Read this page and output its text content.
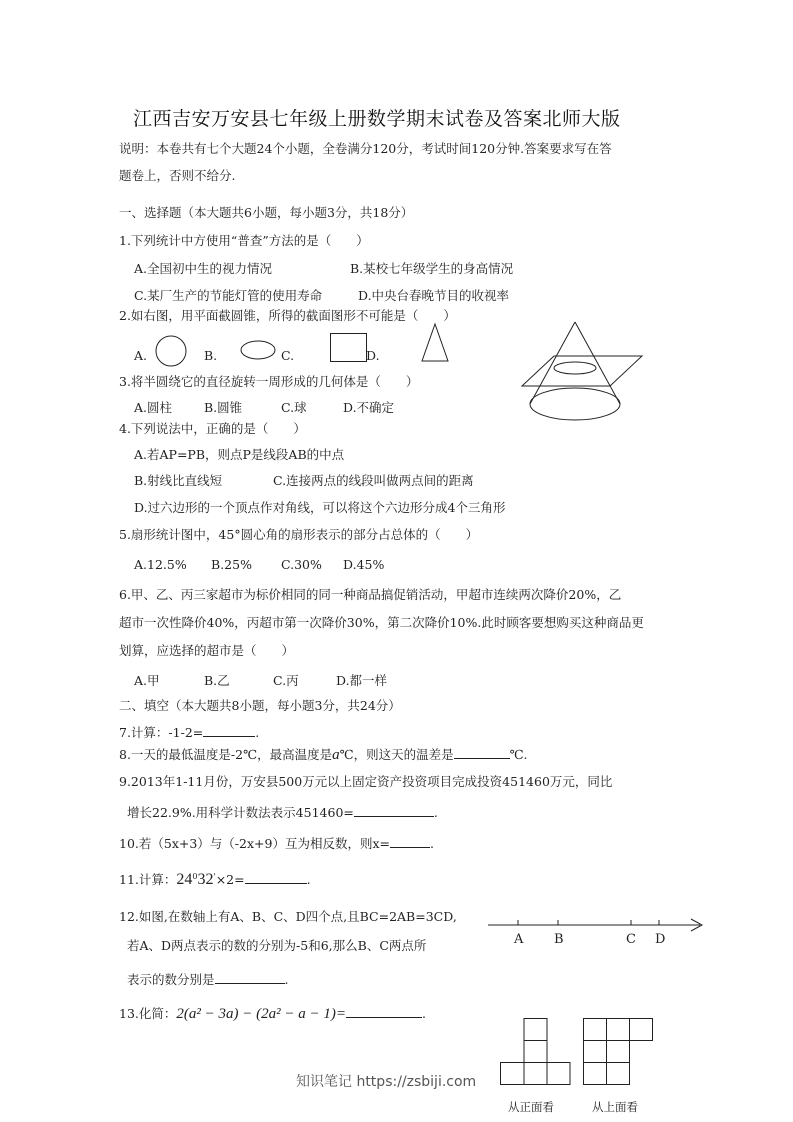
江西吉安万安县七年级上册数学期末试卷及答案北师大版
说明：本卷共有七个大题24个小题，全卷满分120分，考试时间120分钟.答案要求写在答
题卷上，否则不给分.
一、选择题（本大题共6小题，每小题3分，共18分）
1.下列统计中方使用“普查”方法的是（　　）
A.全国初中生的视力情况	B.某校七年级学生的身高情况
C.某厂生产的节能灯管的使用寿命	D.中央台春晚节目的收视率
2.如右图，用平面截圆锥，所得的截面图形不可能是（　　）
A.	B.	C.	D.
3.将半圆绕它的直径旋转一周形成的几何体是（　　）
A.圆柱	B.圆锥	C.球	D.不确定
4.下列说法中，正确的是（　　）
A.若AP=PB，则点P是线段AB的中点
B.射线比直线短	C.连接两点的线段叫做两点间的距离
D.过六边形的一个顶点作对角线，可以将这个六边形分成4个三角形
5.扇形统计图中，45°圆心角的扇形表示的部分占总体的（　　）
A.12.5% B.25% C.30% D.45%
6.甲、乙、丙三家超市为标价相同的同一种商品搞促销活动，甲超市连续两次降价20%，乙
超市一次性降价40%，丙超市第一次降价30%，第二次降价10%.此时顾客要想购买这种商品更
划算，应选择的超市是（　　）
A.甲	B.乙	C.丙	D.都一样
二、填空（本大题共8小题，每小题3分，共24分）
7.计算：-1-2=	.
8.一天的最低温度是-2℃，最高温度是a℃，则这天的温差是	℃.
9.2013年1-11月份，万安县500万元以上固定资产投资项目完成投资451460万元，同比
增长22.9%.用科学计数法表示451460=	.
10.若（5x+3）与（-2x+9）互为相反数，则x=	.
11.计算：$24^032'\times 2=$	.
12.如图,在数轴上有A、B、C、D四个点,且BC=2AB=3CD,
若A、D两点表示的数的分别为-5和6,那么B、C两点所
表示的数分别是	.
A B	C D
13.化简：2(a² − 3a) − (2a² − a − 1)=	.
知识笔记 https://zsbiji.com
从正面看	从上面看
